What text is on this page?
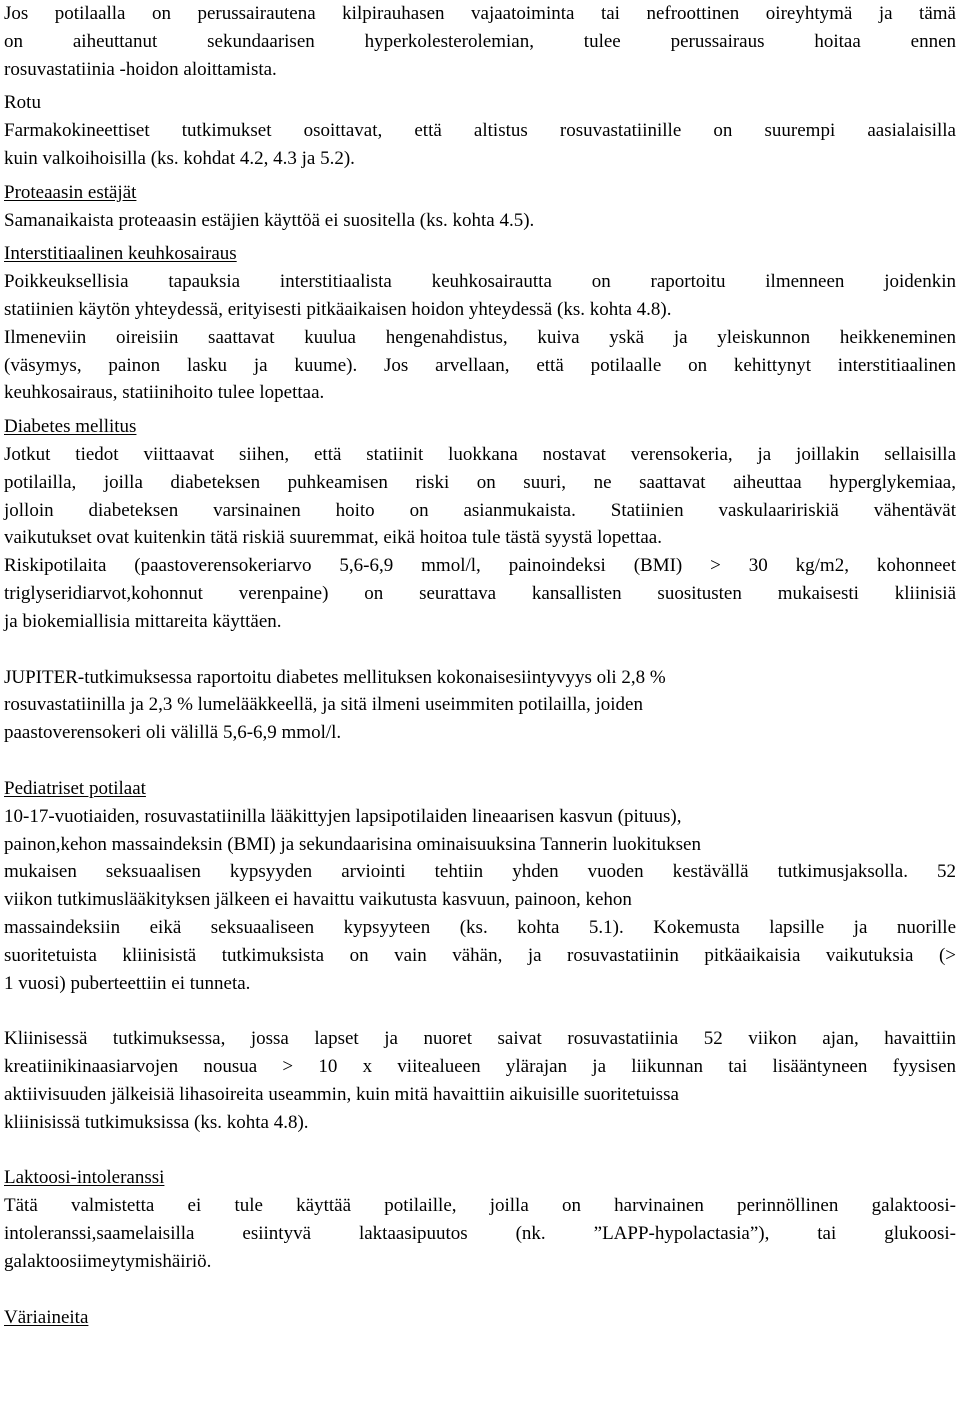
Jos potilaalla on perussairautena kilpirauhasen vajaatoiminta tai nefroottinen oireyhtymä ja tämä
on aiheuttanut sekundaarisen hyperkolesterolemian, tulee perussairaus hoitaa ennen
rosuvastatiinia -hoidon aloittamista.
Rotu
Farmakokineettiset tutkimukset osoittavat, että altistus rosuvastatiinille on suurempi aasialaisilla
kuin valkoihoisilla (ks. kohdat 4.2, 4.3 ja 5.2).
Proteaasin estäjät
Samanaikaista proteaasin estäjien käyttöä ei suositella (ks. kohta 4.5).
Interstitiaalinen keuhkosairaus
Poikkeuksellisia tapauksia interstitiaalista keuhkosairautta on raportoitu ilmenneen joidenkin
statiinien käytön yhteydessä, erityisesti pitkäaikaisen hoidon yhteydessä (ks. kohta 4.8).
Ilmeneviin oireisiin saattavat kuulua hengenahdistus, kuiva yskä ja yleiskunnon heikkeneminen
(väsymys, painon lasku ja kuume). Jos arvellaan, että potilaalle on kehittynyt interstitiaalinen
keuhkosairaus, statiinihoito tulee lopettaa.
Diabetes mellitus
Jotkut tiedot viittaavat siihen, että statiinit luokkana nostavat verensokeria, ja joillakin sellaisilla
potilailla, joilla diabeteksen puhkeamisen riski on suuri, ne saattavat aiheuttaa hyperglykemiaa,
jolloin diabeteksen varsinainen hoito on asianmukaista. Statiinien vaskulaaririskiä vähentävät
vaikutukset ovat kuitenkin tätä riskiä suuremmat, eikä hoitoa tule tästä syystä lopettaa.
Riskipotilaita (paastoverensokeriarvo 5,6-6,9 mmol/l, painoindeksi (BMI) > 30 kg/m2, kohonneet
triglyseridiarvot,kohonnut verenpaine) on seurattava kansallisten suositusten mukaisesti kliinisiä
ja biokemiallisia mittareita käyttäen.
JUPITER-tutkimuksessa raportoitu diabetes mellituksen kokonaisesiintyvyys oli 2,8 %
rosuvastatiinilla ja 2,3 % lumelääkkeellä, ja sitä ilmeni useimmiten potilailla, joiden
paastoverensokeri oli välillä 5,6-6,9 mmol/l.
Pediatriset potilaat
10-17-vuotiaiden, rosuvastatiinilla lääkittyjen lapsipotilaiden lineaarisen kasvun (pituus),
painon,kehon massaindeksin (BMI) ja sekundaarisina ominaisuuksina Tannerin luokituksen
mukaisen seksuaalisen kypsyyden arviointi tehtiin yhden vuoden kestävällä tutkimusjaksolla. 52
viikon tutkimuslääkityksen jälkeen ei havaittu vaikutusta kasvuun, painoon, kehon
massaindeksiin eikä seksuaaliseen kypsyyteen (ks. kohta 5.1). Kokemusta lapsille ja nuorille
suoritetuista kliinisistä tutkimuksista on vain vähän, ja rosuvastatiinin pitkäaikaisia vaikutuksia (>
1 vuosi) puberteettiin ei tunneta.
Kliinisessä tutkimuksessa, jossa lapset ja nuoret saivat rosuvastatiinia 52 viikon ajan, havaittiin
kreatiinikinaasiarvojen nousua > 10 x viitealueen ylärajan ja liikunnan tai lisääntyneen fyysisen
aktiivisuuden jälkeisiä lihasoireita useammin, kuin mitä havaittiin aikuisille suoritetuissa
kliinisissä tutkimuksissa (ks. kohta 4.8).
Laktoosi-intoleranssi
Tätä valmistetta ei tule käyttää potilaille, joilla on harvinainen perinnöllinen galaktoosi-
intoleranssi,saamelaisilla esiintyvä laktaasipuutos (nk. ”LAPP-hypolactasia”), tai glukoosi-
galaktoosiimeytymishäiriö.
Väriaineita
